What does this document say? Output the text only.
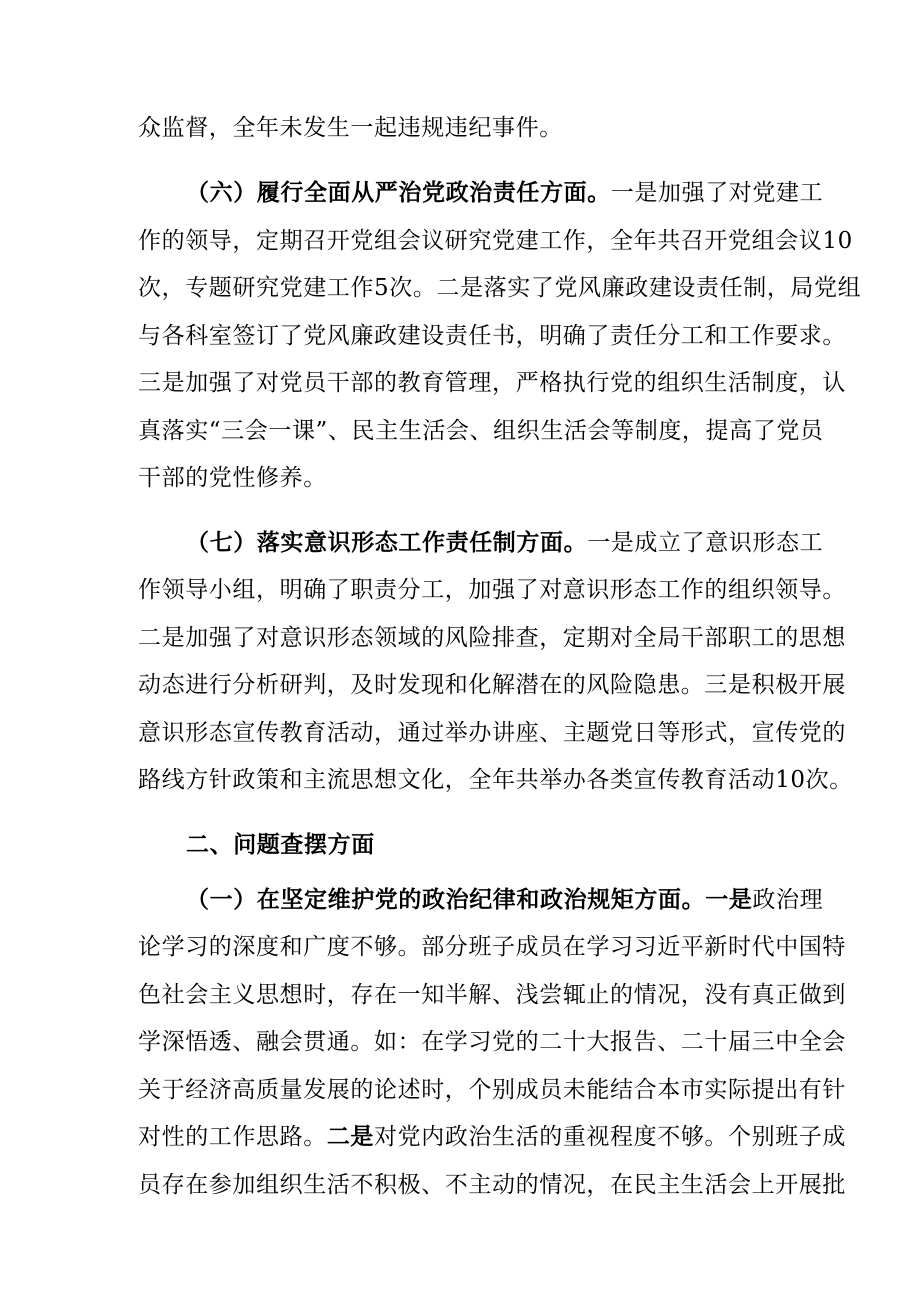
众监督，全年未发生一起违规违纪事件。
（六）履行全面从严治党政治责任方面。一是加强了对党建工
作的领导，定期召开党组会议研究党建工作，全年共召开党组会议10
次，专题研究党建工作5次。二是落实了党风廉政建设责任制，局党组
与各科室签订了党风廉政建设责任书，明确了责任分工和工作要求。
三是加强了对党员干部的教育管理，严格执行党的组织生活制度，认
真落实“三会一课”、民主生活会、组织生活会等制度，提高了党员
干部的党性修养。
（七）落实意识形态工作责任制方面。一是成立了意识形态工
作领导小组，明确了职责分工，加强了对意识形态工作的组织领导。
二是加强了对意识形态领域的风险排查，定期对全局干部职工的思想
动态进行分析研判，及时发现和化解潜在的风险隐患。三是积极开展
意识形态宣传教育活动，通过举办讲座、主题党日等形式，宣传党的
路线方针政策和主流思想文化，全年共举办各类宣传教育活动10次。
二、问题查摆方面
（一）在坚定维护党的政治纪律和政治规矩方面。一是政治理
论学习的深度和广度不够。部分班子成员在学习习近平新时代中国特
色社会主义思想时，存在一知半解、浅尝辄止的情况，没有真正做到
学深悟透、融会贯通。如：在学习党的二十大报告、二十届三中全会
关于经济高质量发展的论述时，个别成员未能结合本市实际提出有针
对性的工作思路。二是对党内政治生活的重视程度不够。个别班子成
员存在参加组织生活不积极、不主动的情况，在民主生活会上开展批
